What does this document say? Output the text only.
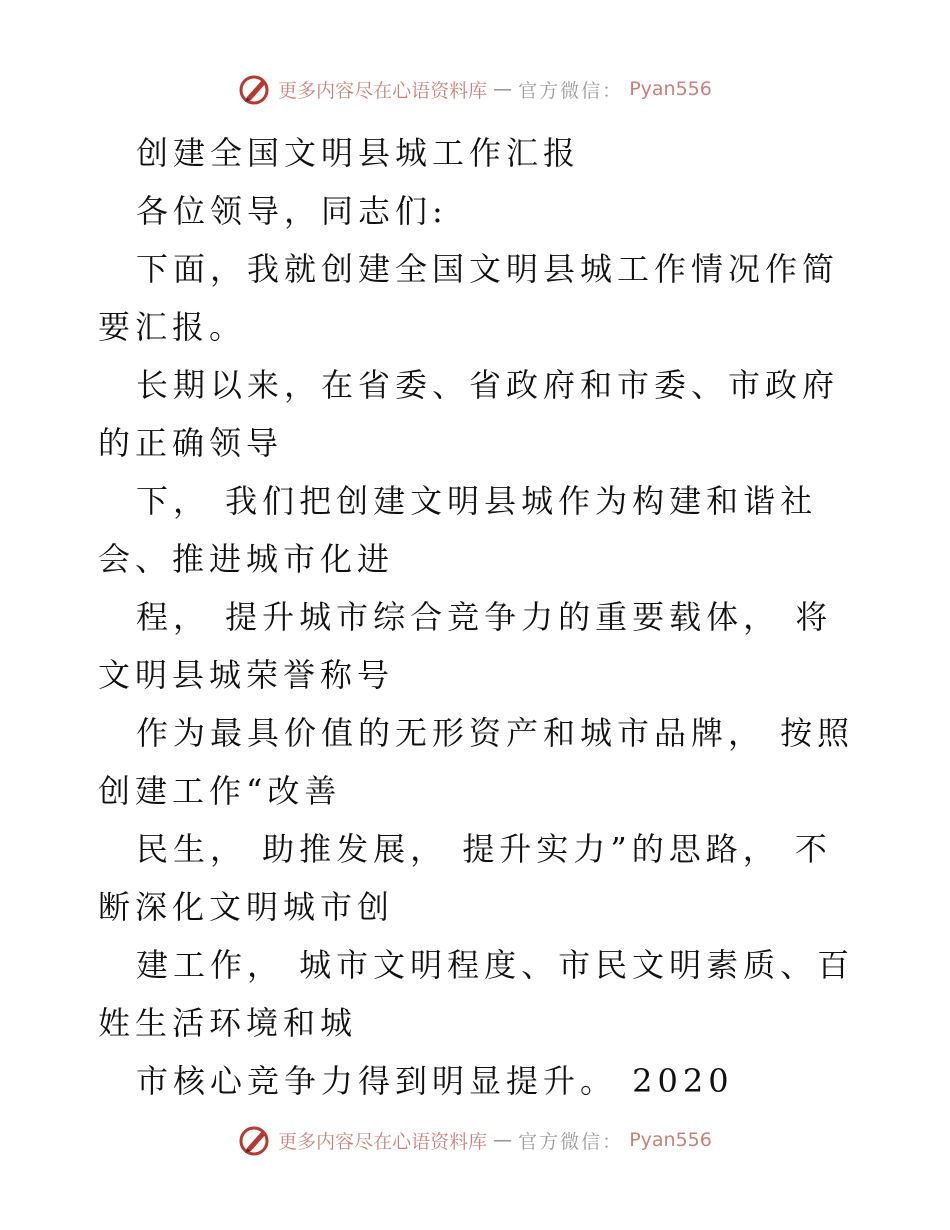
更多内容尽在心语资料库 — 官方微信： Pyan556

创建全国文明县城工作汇报

各位领导，同志们:

下面，我就创建全国文明县城工作情况作简要汇报。

长期以来，在省委、省政府和市委、市政府的正确领导

下， 我们把创建文明县城作为构建和谐社会、推进城市化进

程， 提升城市综合竞争力的重要载体， 将文明县城荣誉称号

作为最具价值的无形资产和城市品牌， 按照创建工作“改善

民生， 助推发展， 提升实力”的思路， 不断深化文明城市创

建工作， 城市文明程度、市民文明素质、百姓生活环境和城

市核心竞争力得到明显提升。 2020

更多内容尽在心语资料库 — 官方微信： Pyan556
